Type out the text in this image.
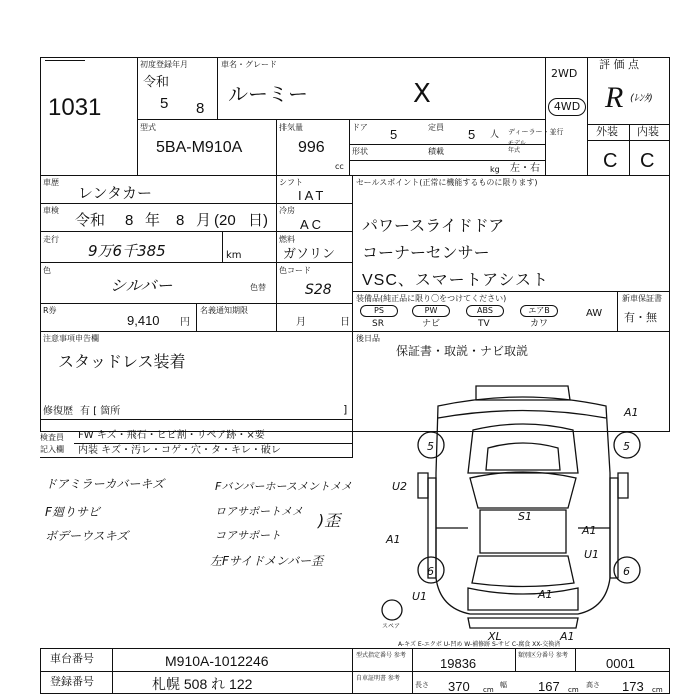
1031
初度登録年月
令和
5 8
車名・グレード
ルーミー	X
2WD
4WD
評 価 点
R (ﾚﾝﾀ)
外装 内装
C C
型式
5BA-M910A
排気量
996
cc
ドア 5	定員 5 人 ディーラー・並行
年式
形状	積載
kg 左・右
車歴
レンタカー
車検
令和 8 年 8 月 (20 日)
走行
9万6千385	km
色
シルバー	色替
シフト
IAT
冷房
AC
燃料
ガソリン
色コード
S28
R券
9,410 円
名義通知期限
月	日
セールスポイント(正常に機能するものに限ります)
パワースライドドア
コーナーセンサー
VSC、スマートアシスト
装備品(純正品に限り〇をつけてください)
PS	PW	ABS	エアB
SR	ナビ	TV	カワ
AW
新車保証書
有・無
注意事項申告欄
スタッドレス装着
修復歴	]
有 [ 箇所
後日品
保証書・取説・ナビ取説
検査員
記入欄
FW キズ・飛石・ヒビ割・リペア跡・×要
内装 キズ・汚レ・コゲ・穴・タ・キレ・破レ
ドアミラーカバーキズ
F廻りサビ
ボデーウスキズ
Fバンパーホースメントメメ
ロアサポートメメ
コアサポート
左Fサイドメンバー歪
)歪
A1
5	5
U2
S1
A1
A1
U1
6	6
U1	A1
XL	A1
スペア
A-キズ E-エクボ U-凹め W-補修跡 S-サビ C-腐食 XX-交換済
車台番号	M910A-1012246
登録番号	札幌 508 れ 122
型式指定番号 参考
19836
類別区分番号 参考
0001
自車証明書 参考
長さ 370 cm
幅 167 cm
高さ 173 cm
